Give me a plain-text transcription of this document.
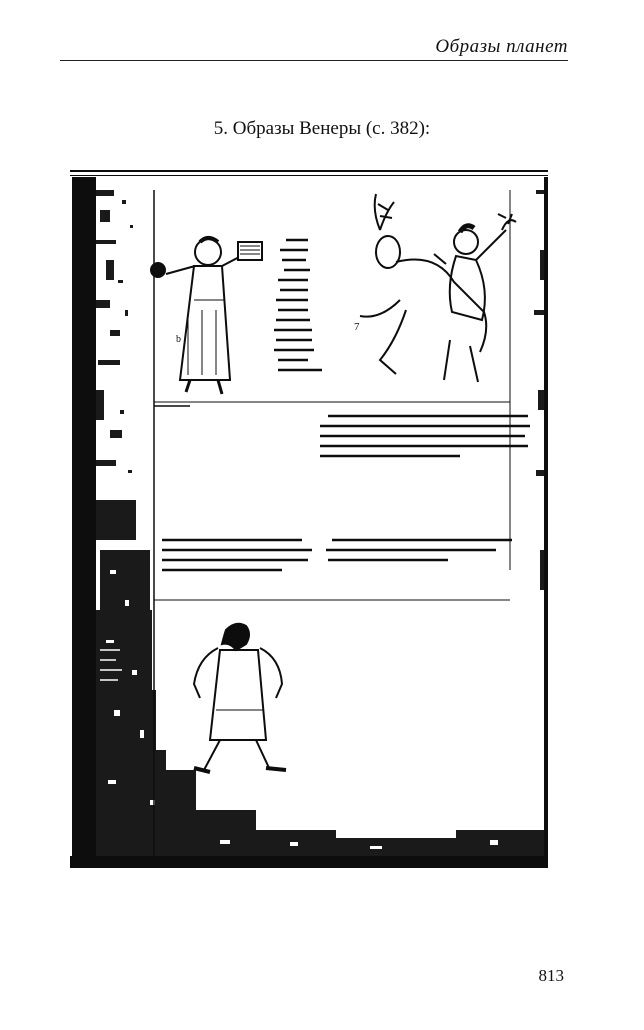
Образы планет
5. Образы Венеры (с. 382):
b
7
813
